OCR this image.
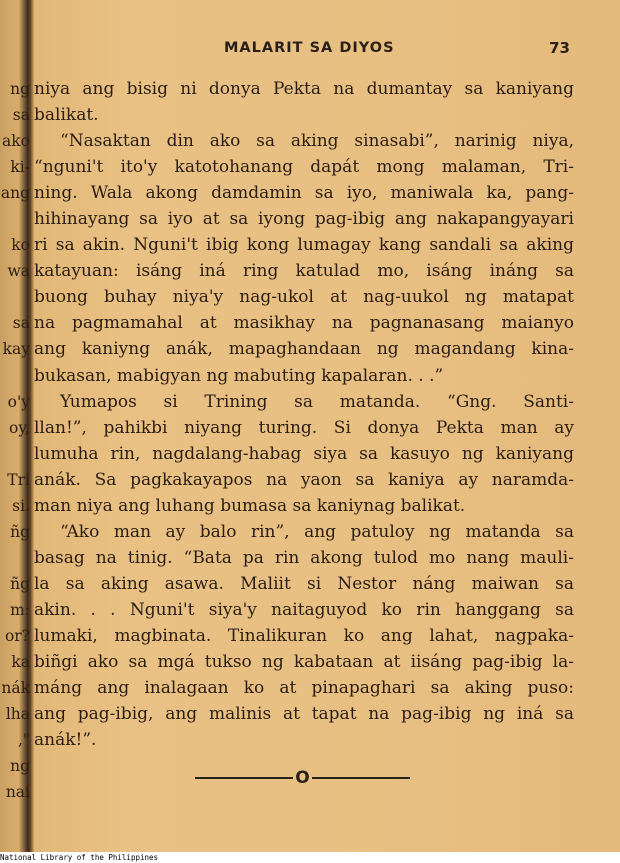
ng
sa
ako
ki-
ang
ko
wa
sa
kay
o'y
oy,
Tri
si.
ñg
ñg
m:
or?
ka
nák
lha
,"
ng
nai
MALARIT SA DIYOS	73
niya ang bisig ni donya Pekta na dumantay sa kaniyang
balikat.
“Nasaktan din ako sa aking sinasabi”, narinig niya,
“nguni't ito'y katotohanang dapát mong malaman, Tri-
ning. Wala akong damdamin sa iyo, maniwala ka, pang-
hihinayang sa iyo at sa iyong pag-ibig ang nakapangyayari
ri sa akin. Nguni't ibig kong lumagay kang sandali sa aking
katayuan: isáng iná ring katulad mo, isáng ináng sa
buong buhay niya'y nag-ukol at nag-uukol ng matapat
na pagmamahal at masikhay na pagnanasang maianyo
ang kaniyng anák, mapaghandaan ng magandang kina-
bukasan, mabigyan ng mabuting kapalaran. . .”
Yumapos si Trining sa matanda. “Gng. Santi-
llan!”, pahikbi niyang turing. Si donya Pekta man ay
lumuha rin, nagdalang-habag siya sa kasuyo ng kaniyang
anák. Sa pagkakayapos na yaon sa kaniya ay naramda-
man niya ang luhang bumasa sa kaniynag balikat.
“Ako man ay balo rin”, ang patuloy ng matanda sa
basag na tinig. “Bata pa rin akong tulod mo nang mauli-
la sa aking asawa. Maliit si Nestor náng maiwan sa
akin. . . Nguni't siya'y naitaguyod ko rin hanggang sa
lumaki, magbinata. Tinalikuran ko ang lahat, nagpaka-
biñgi ako sa mgá tukso ng kabataan at iisáng pag-ibig la-
máng ang inalagaan ko at pinapaghari sa aking puso:
ang pag-ibig, ang malinis at tapat na pag-ibig ng iná sa
anák!”.
O
National Library of the Philippines
